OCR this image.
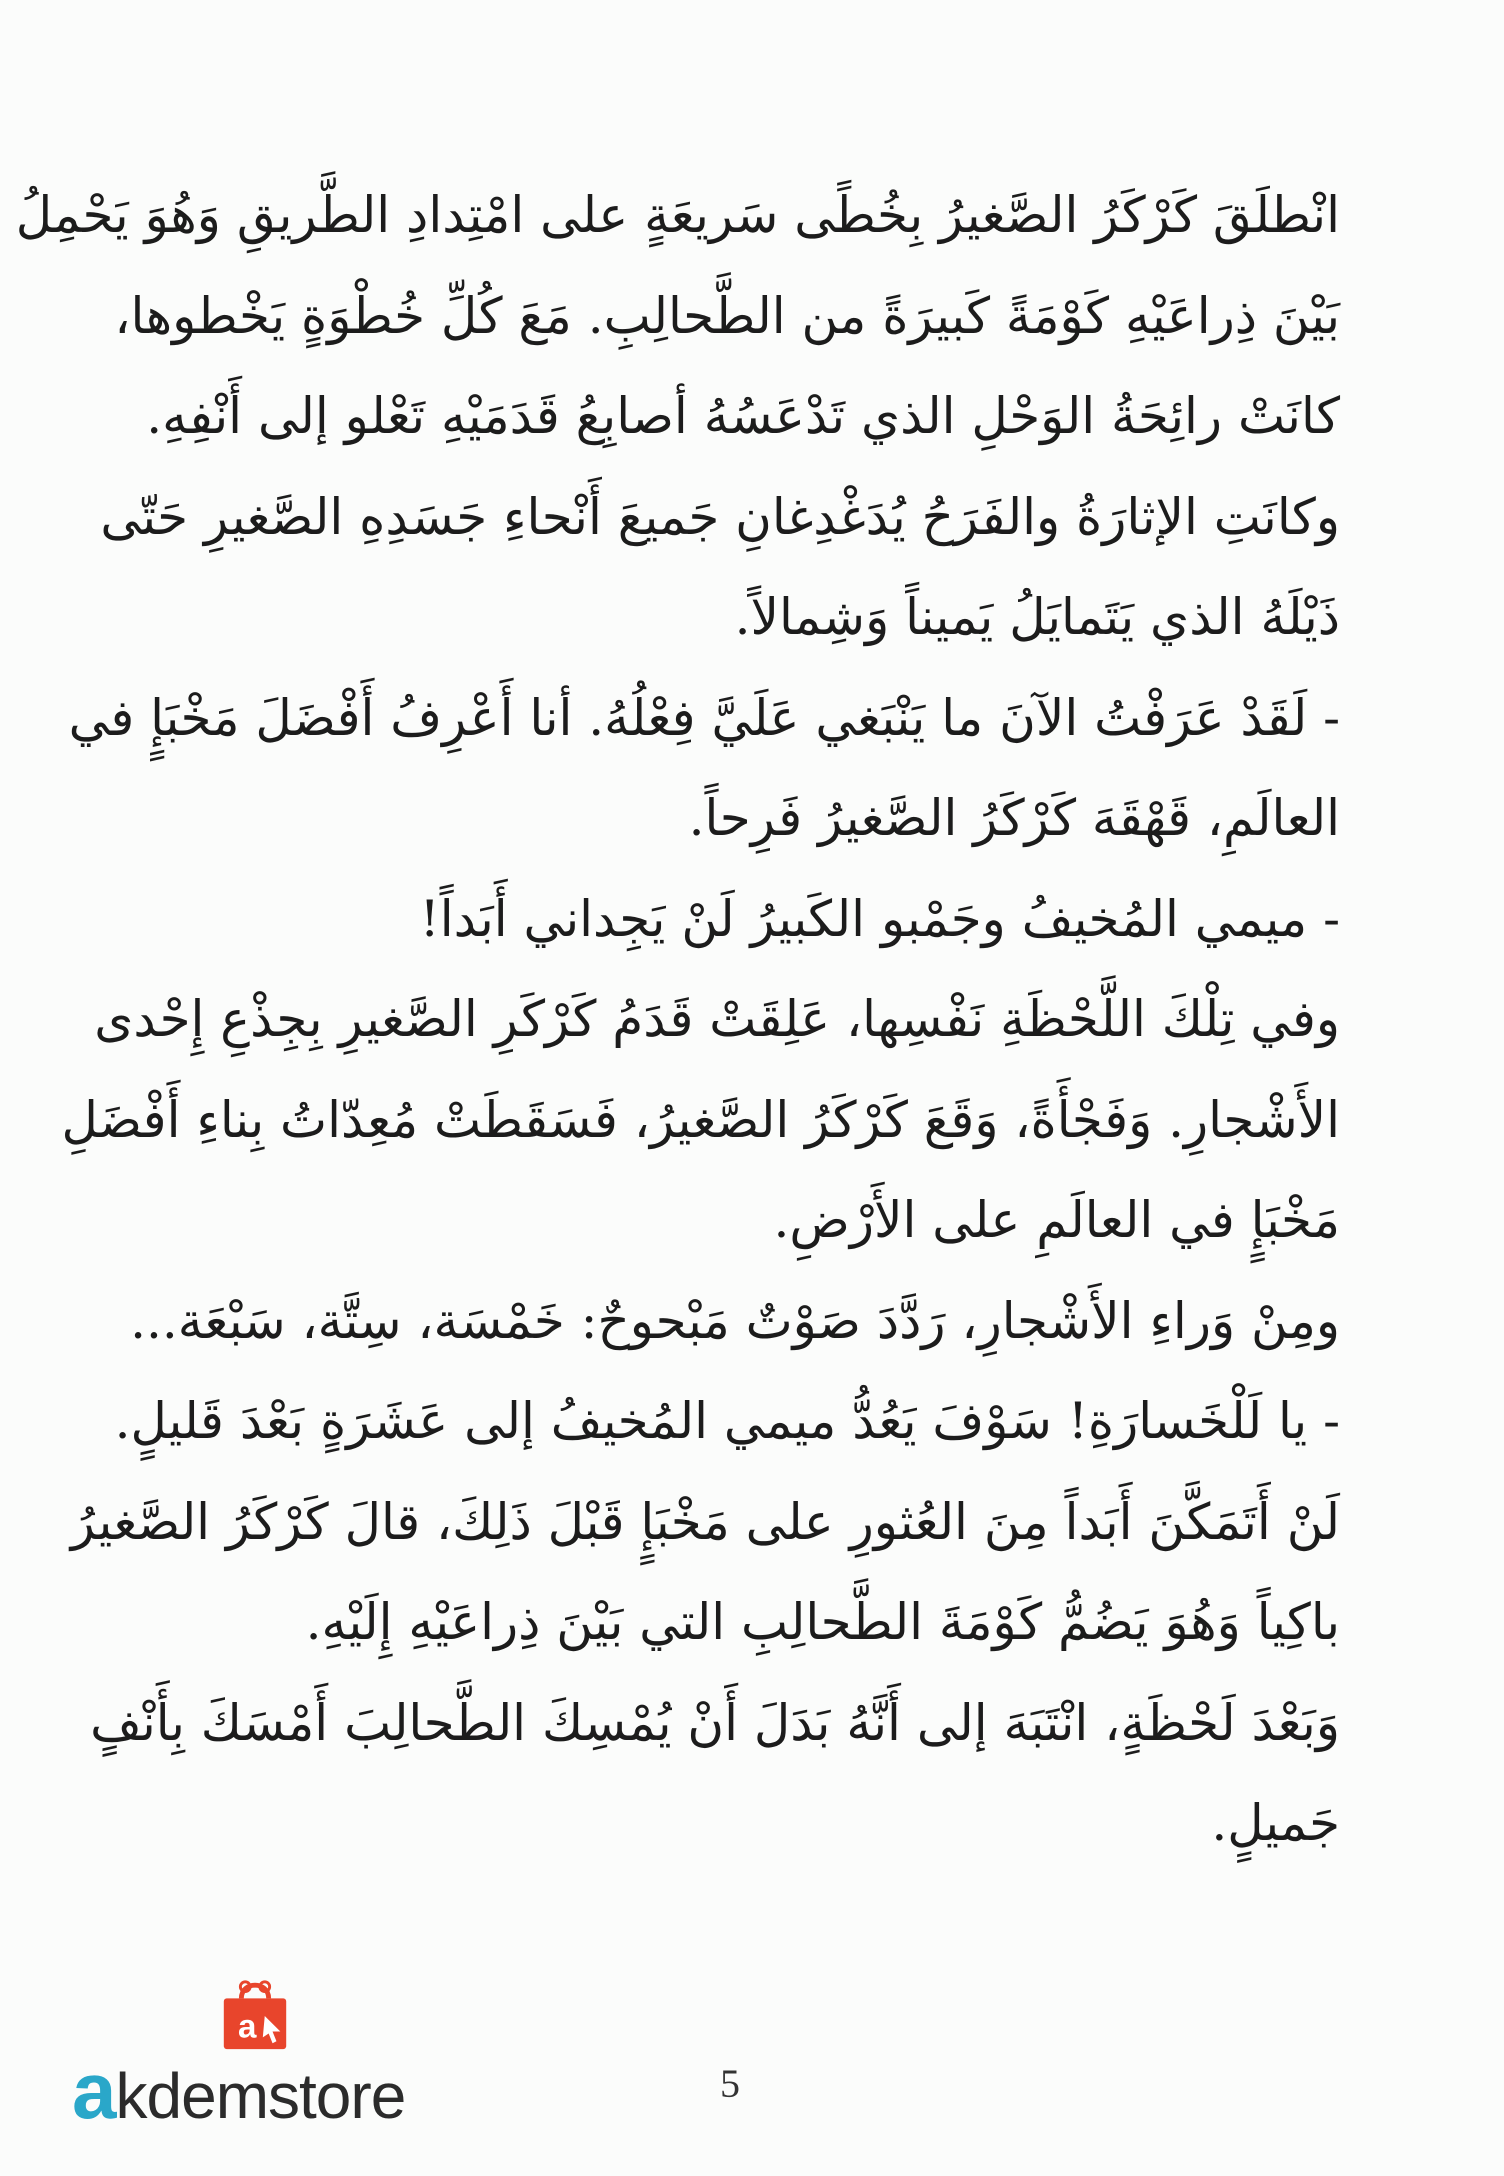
انْطلَقَ كَرْكَرُ الصَّغيرُ بِخُطًى سَريعَةٍ على امْتِدادِ الطَّريقِ وَهُوَ يَحْمِلُ
بَيْنَ ذِراعَيْهِ كَوْمَةً كَبيرَةً من الطَّحالِبِ. مَعَ كُلِّ خُطْوَةٍ يَخْطوها،
كانَتْ رائِحَةُ الوَحْلِ الذي تَدْعَسُهُ أصابِعُ قَدَمَيْهِ تَعْلو إلى أَنْفِهِ.
وكانَتِ الإثارَةُ والفَرَحُ يُدَغْدِغانِ جَميعَ أَنْحاءِ جَسَدِهِ الصَّغيرِ حَتّى
ذَيْلَهُ الذي يَتَمايَلُ يَميناً وَشِمالاً.
- لَقَدْ عَرَفْتُ الآنَ ما يَنْبَغي عَلَيَّ فِعْلُهُ. أنا أَعْرِفُ أَفْضَلَ مَخْبَإٍ في
العالَمِ، قَهْقَهَ كَرْكَرُ الصَّغيرُ فَرِحاً.
- ميمي المُخيفُ وجَمْبو الكَبيرُ لَنْ يَجِداني أَبَداً!
وفي تِلْكَ اللَّحْظَةِ نَفْسِها، عَلِقَتْ قَدَمُ كَرْكَرِ الصَّغيرِ بِجِذْعِ إِحْدى
الأَشْجارِ. وَفَجْأَةً، وَقَعَ كَرْكَرُ الصَّغيرُ، فَسَقَطَتْ مُعِدّاتُ بِناءِ أَفْضَلِ
مَخْبَإٍ في العالَمِ على الأَرْضِ.
ومِنْ وَراءِ الأَشْجارِ، رَدَّدَ صَوْتٌ مَبْحوحٌ: خَمْسَة، سِتَّة، سَبْعَة...
- يا لَلْخَسارَةِ! سَوْفَ يَعُدُّ ميمي المُخيفُ إلى عَشَرَةٍ بَعْدَ قَليلٍ.
لَنْ أَتَمَكَّنَ أَبَداً مِنَ العُثورِ على مَخْبَإٍ قَبْلَ ذَلِكَ، قالَ كَرْكَرُ الصَّغيرُ
باكِياً وَهُوَ يَضُمُّ كَوْمَةَ الطَّحالِبِ التي بَيْنَ ذِراعَيْهِ إِلَيْهِ.
وَبَعْدَ لَحْظَةٍ، انْتَبَهَ إلى أَنَّهُ بَدَلَ أَنْ يُمْسِكَ الطَّحالِبَ أَمْسَكَ بِأَنْفٍ
جَميلٍ.
a
akdemstore	5
